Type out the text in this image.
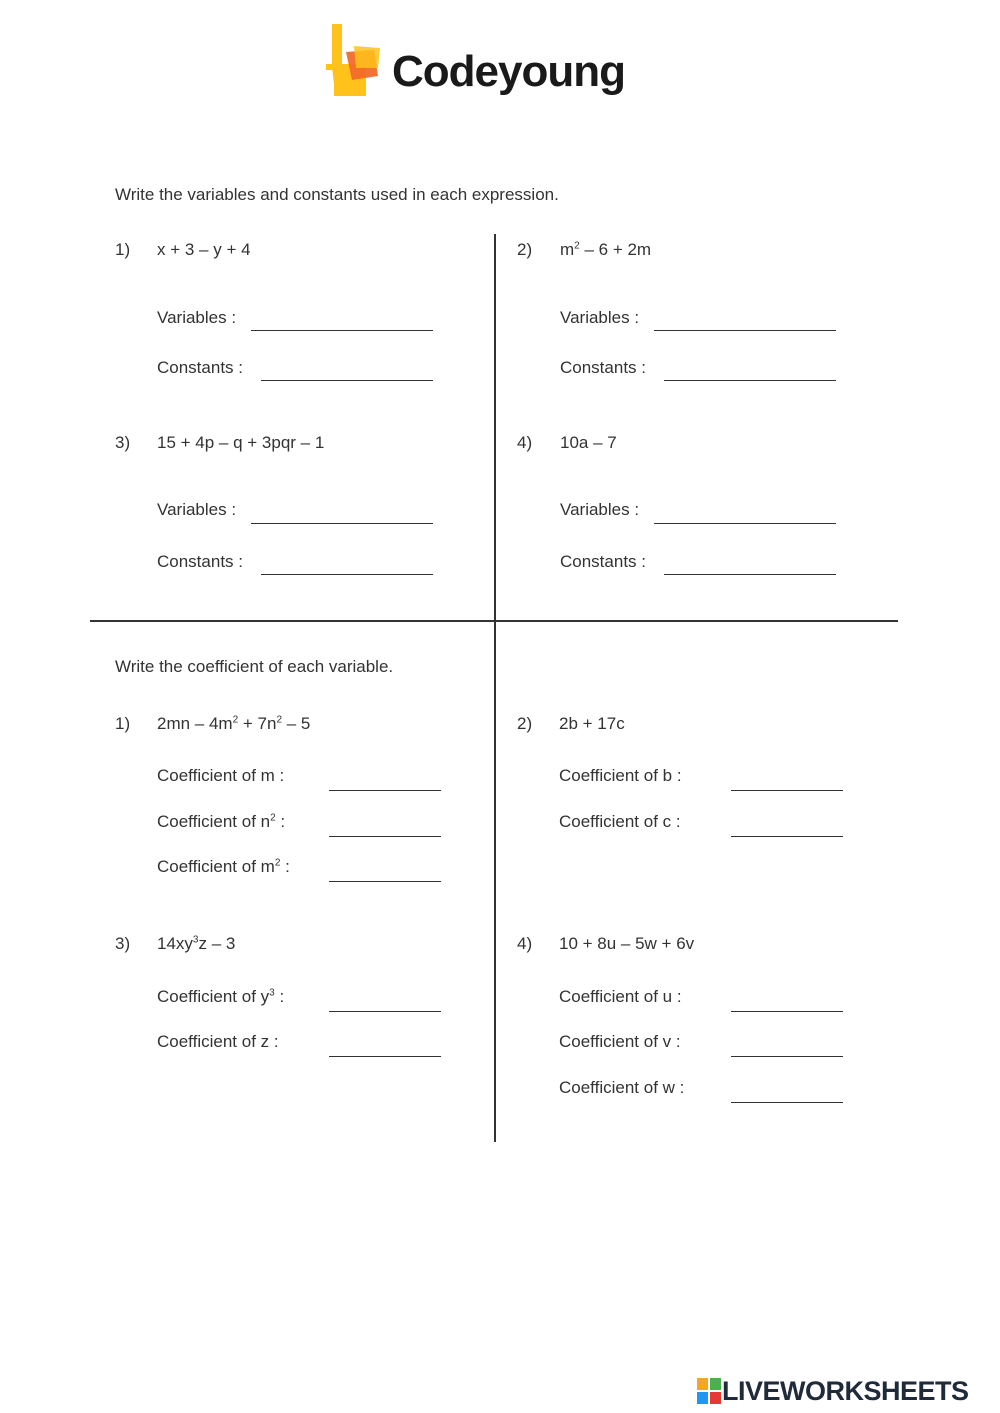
Codeyoung
Write the variables and constants used in each expression.
1) x + 3 – y + 4
Variables :
Constants :
2) $m^2 - 6 + 2m$
Variables :
Constants :
3) 15 + 4p – q + 3pqr – 1
Variables :
Constants :
4) 10a – 7
Variables :
Constants :
Write the coefficient of each variable.
1) $2mn - 4m^2 + 7n^2 - 5$
Coefficient of m :
Coefficient of $n^2$ :
Coefficient of $m^2$ :
2) 2b + 17c
Coefficient of b :
Coefficient of c :
3) $14xy^3z - 3$
Coefficient of $y^3$ :
Coefficient of z :
4) 10 + 8u – 5w + 6v
Coefficient of u :
Coefficient of v :
Coefficient of w :
LIVEWORKSHEETS
